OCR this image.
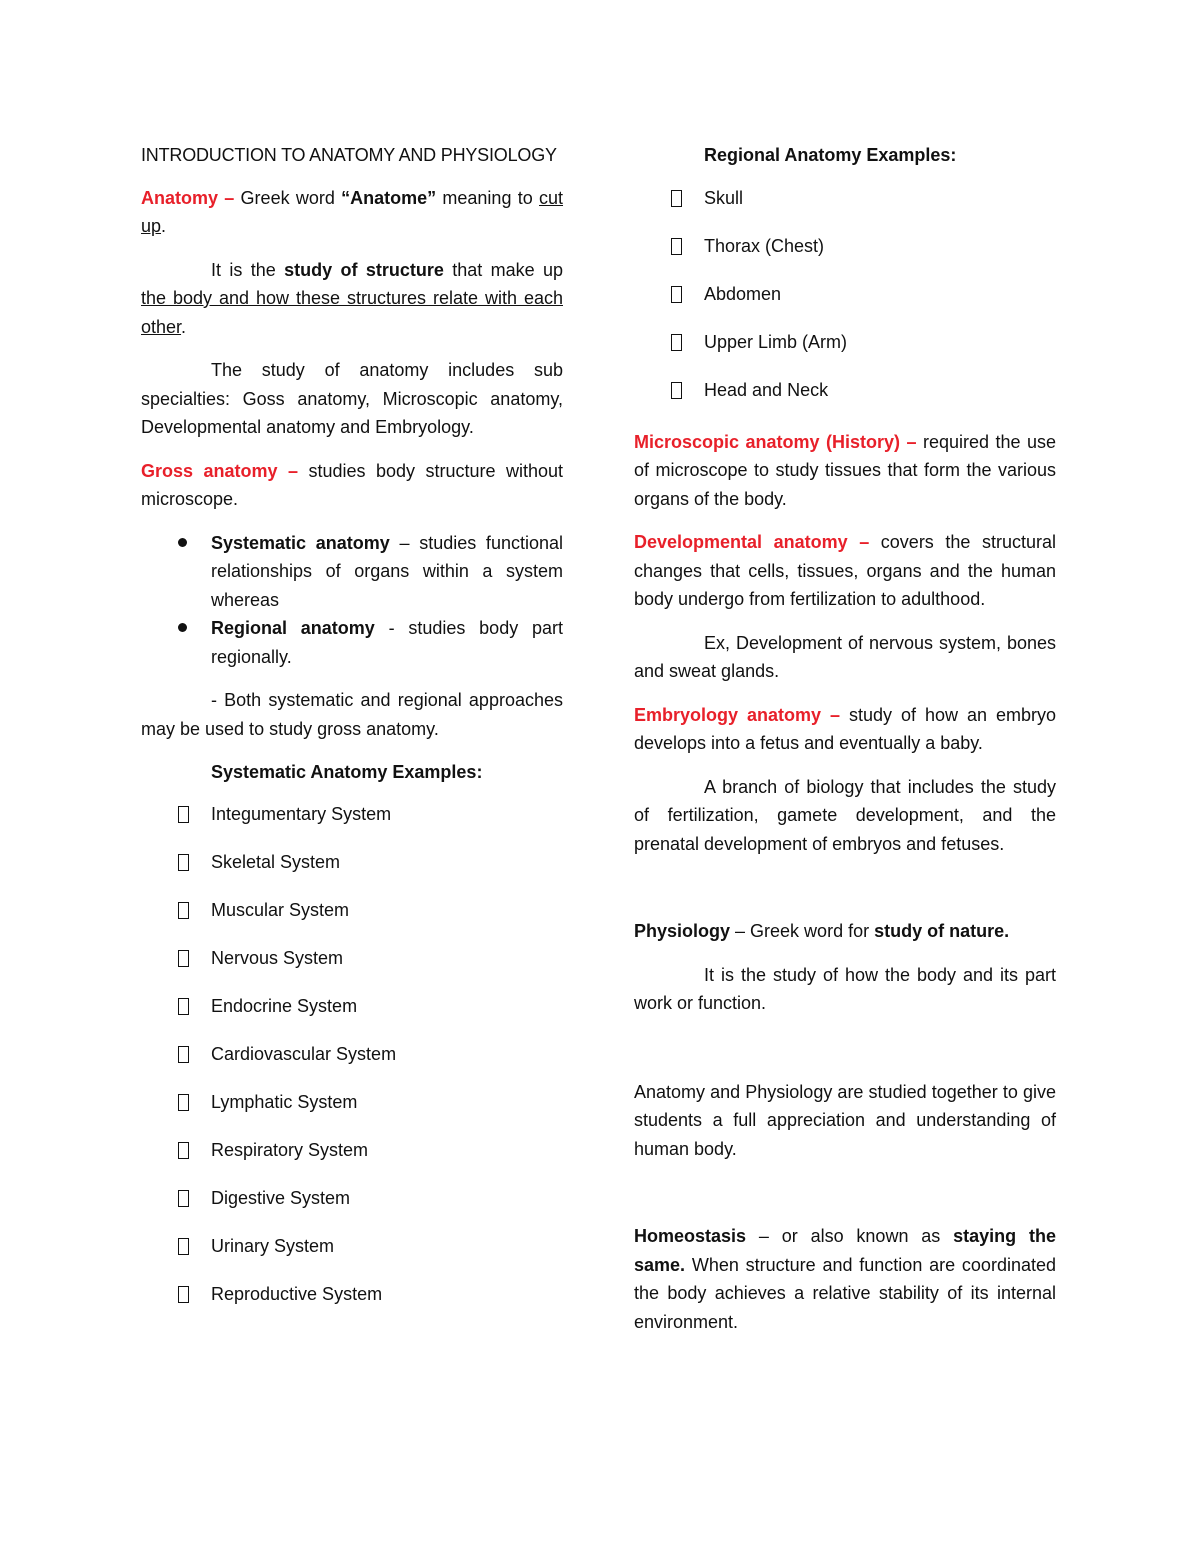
INTRODUCTION TO ANATOMY AND PHYSIOLOGY

Anatomy – Greek word “Anatome” meaning to cut up.

It is the study of structure that make up the body and how these structures relate with each other.

The study of anatomy includes sub specialties: Goss anatomy, Microscopic anatomy, Developmental anatomy and Embryology.

Gross anatomy – studies body structure without microscope.

Systematic anatomy – studies functional relationships of organs within a system whereas
Regional anatomy - studies body part regionally.

- Both systematic and regional approaches may be used to study gross anatomy.

Systematic Anatomy Examples:

Integumentary System
Skeletal System
Muscular System
Nervous System
Endocrine System
Cardiovascular System
Lymphatic System
Respiratory System
Digestive System
Urinary System
Reproductive System

Regional Anatomy Examples:

Skull
Thorax (Chest)
Abdomen
Upper Limb (Arm)
Head and Neck

Microscopic anatomy (History) – required the use of microscope to study tissues that form the various organs of the body.

Developmental anatomy – covers the structural changes that cells, tissues, organs and the human body undergo from fertilization to adulthood.

Ex, Development of nervous system, bones and sweat glands.

Embryology anatomy – study of how an embryo develops into a fetus and eventually a baby.

A branch of biology that includes the study of fertilization, gamete development, and the prenatal development of embryos and fetuses.

Physiology – Greek word for study of nature.

It is the study of how the body and its part work or function.

Anatomy and Physiology are studied together to give students a full appreciation and understanding of human body.

Homeostasis – or also known as staying the same. When structure and function are coordinated the body achieves a relative stability of its internal environment.
